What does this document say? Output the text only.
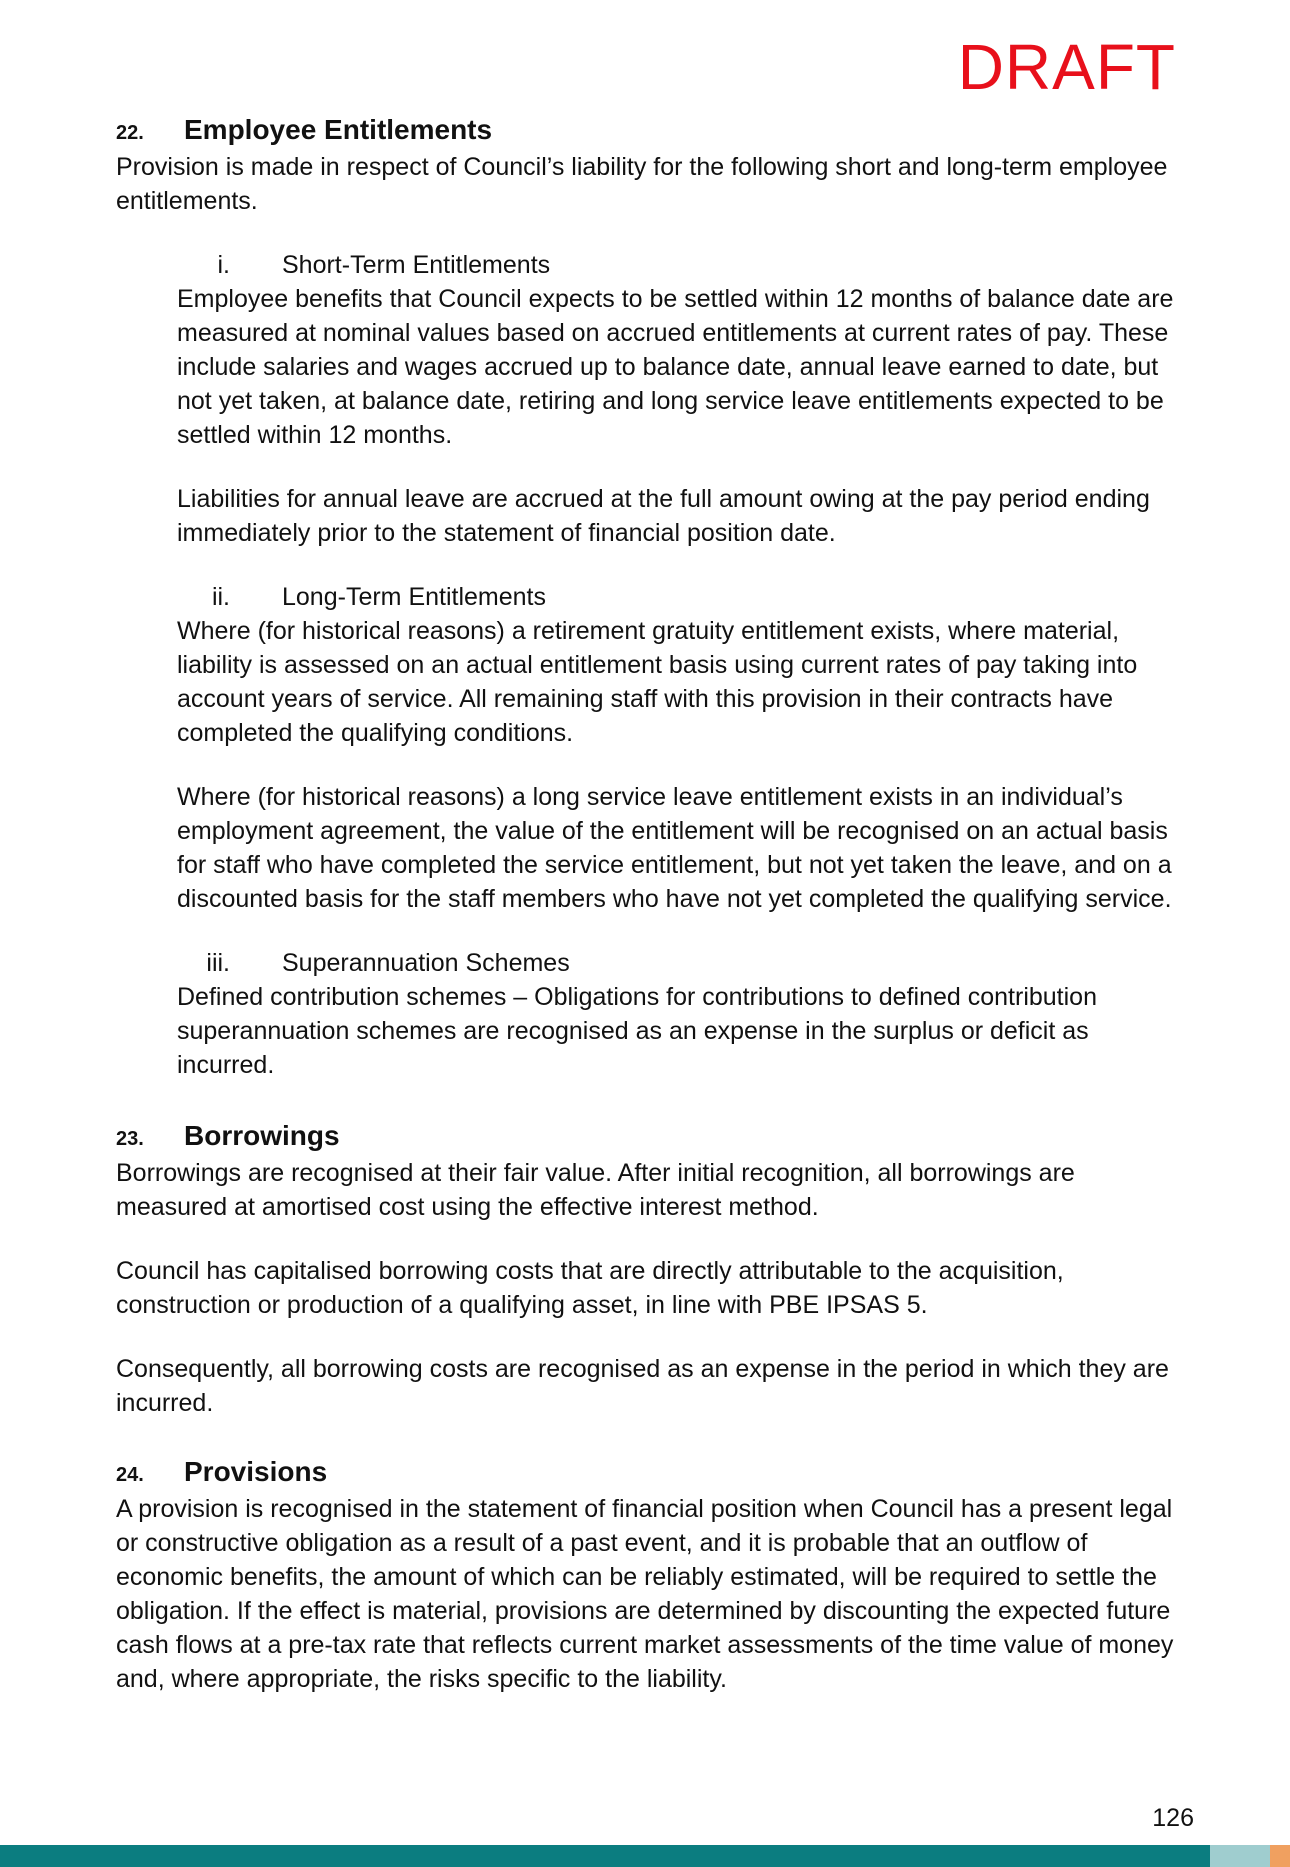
DRAFT
22.	Employee Entitlements

Provision is made in respect of Council’s liability for the following short and long-term employee entitlements.

i.	Short-Term Entitlements

Employee benefits that Council expects to be settled within 12 months of balance date are measured at nominal values based on accrued entitlements at current rates of pay. These include salaries and wages accrued up to balance date, annual leave earned to date, but not yet taken, at balance date, retiring and long service leave entitlements expected to be settled within 12 months.

Liabilities for annual leave are accrued at the full amount owing at the pay period ending immediately prior to the statement of financial position date.

ii.	Long-Term Entitlements

Where (for historical reasons) a retirement gratuity entitlement exists, where material, liability is assessed on an actual entitlement basis using current rates of pay taking into account years of service. All remaining staff with this provision in their contracts have completed the qualifying conditions.

Where (for historical reasons) a long service leave entitlement exists in an individual’s employment agreement, the value of the entitlement will be recognised on an actual basis for staff who have completed the service entitlement, but not yet taken the leave, and on a discounted basis for the staff members who have not yet completed the qualifying service.

iii.	Superannuation Schemes

Defined contribution schemes – Obligations for contributions to defined contribution superannuation schemes are recognised as an expense in the surplus or deficit as incurred.

23.	Borrowings

Borrowings are recognised at their fair value. After initial recognition, all borrowings are measured at amortised cost using the effective interest method.

Council has capitalised borrowing costs that are directly attributable to the acquisition, construction or production of a qualifying asset, in line with PBE IPSAS 5.

Consequently, all borrowing costs are recognised as an expense in the period in which they are incurred.

24.	Provisions

A provision is recognised in the statement of financial position when Council has a present legal or constructive obligation as a result of a past event, and it is probable that an outflow of economic benefits, the amount of which can be reliably estimated, will be required to settle the obligation. If the effect is material, provisions are determined by discounting the expected future cash flows at a pre-tax rate that reflects current market assessments of the time value of money and, where appropriate, the risks specific to the liability.

126
